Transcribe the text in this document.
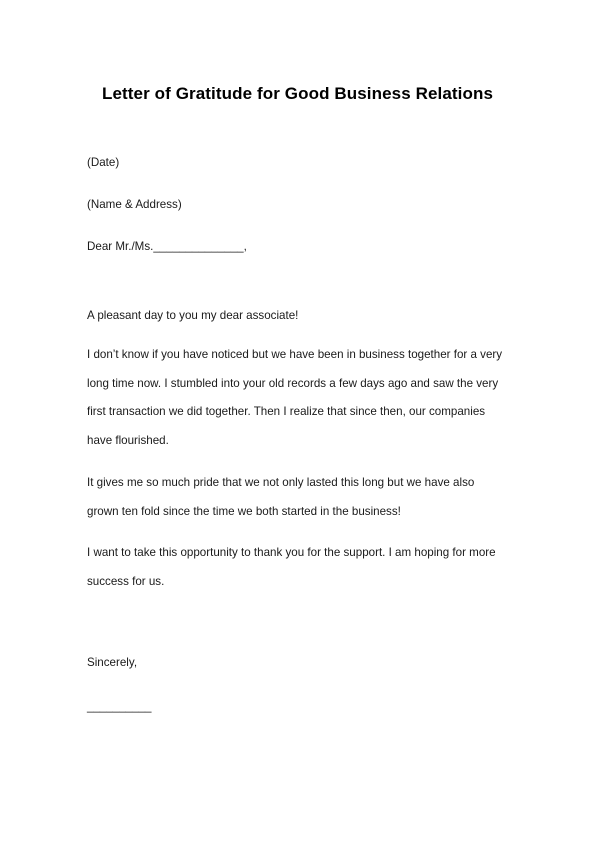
Letter of Gratitude for Good Business Relations
(Date)
(Name & Address)
Dear Mr./Ms.______________,
A pleasant day to you my dear associate!
I don’t know if you have noticed but we have been in business together for a very
long time now. I stumbled into your old records a few days ago and saw the very
first transaction we did together. Then I realize that since then, our companies
have flourished.
It gives me so much pride that we not only lasted this long but we have also
grown ten fold since the time we both started in the business!
I want to take this opportunity to thank you for the support. I am hoping for more
success for us.
Sincerely,
__________
